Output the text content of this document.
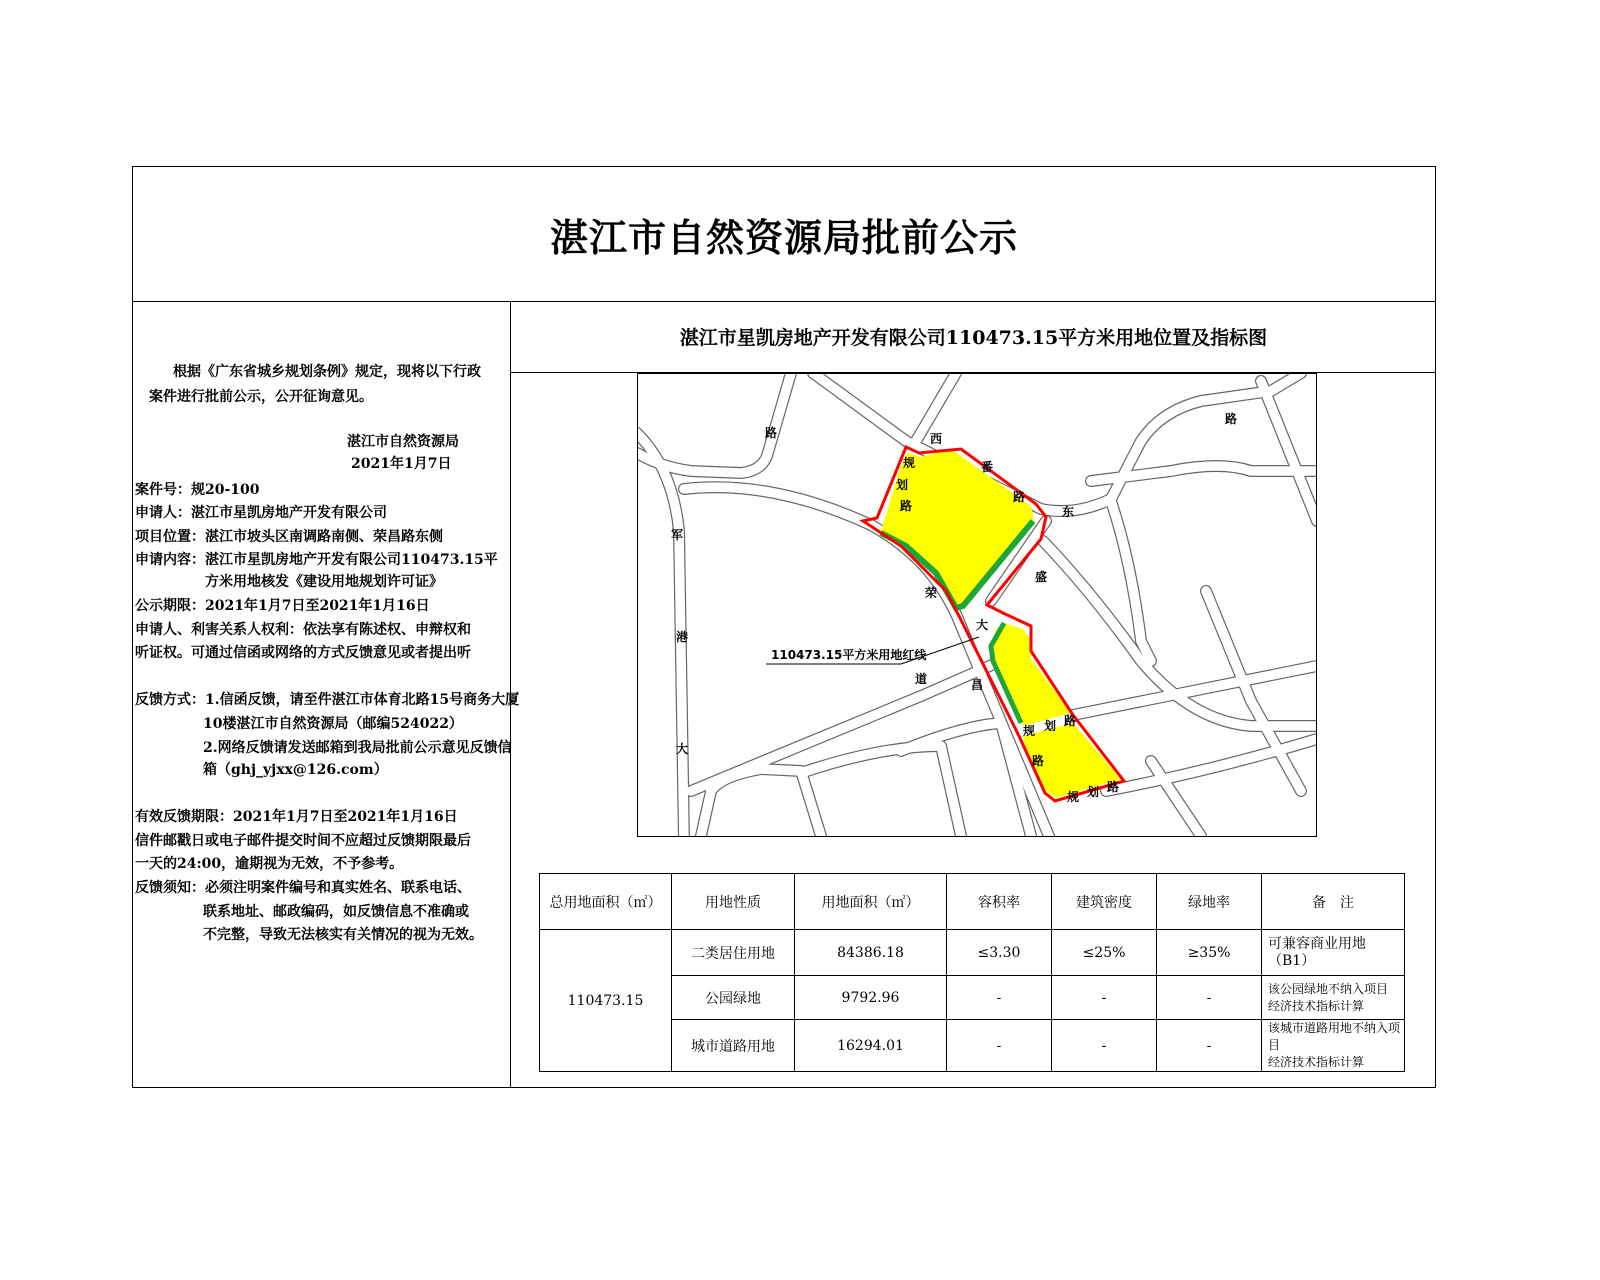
湛江市自然资源局批前公示
根据《广东省城乡规划条例》规定，现将以下行政
案件进行批前公示，公开征询意见。
湛江市自然资源局
2021年1月7日
案件号：规20-100
申请人：湛江市星凯房地产开发有限公司
项目位置：湛江市坡头区南调路南侧、荣昌路东侧
申请内容：湛江市星凯房地产开发有限公司110473.15平
方米用地核发《建设用地规划许可证》
公示期限：2021年1月7日至2021年1月16日
申请人、利害关系人权利：依法享有陈述权、申辩权和
听证权。可通过信函或网络的方式反馈意见或者提出听
反馈方式：1.信函反馈，请至件湛江市体育北路15号商务大厦
10楼湛江市自然资源局（邮编524022）
2.网络反馈请发送邮箱到我局批前公示意见反馈信
箱（ghj_yjxx@126.com）
有效反馈期限：2021年1月7日至2021年1月16日
信件邮戳日或电子邮件提交时间不应超过反馈期限最后
一天的24:00，逾期视为无效，不予参考。
反馈须知：必须注明案件编号和真实姓名、联系电话、
联系地址、邮政编码，如反馈信息不准确或
不完整，导致无法核实有关情况的视为无效。
湛江市星凯房地产开发有限公司110473.15平方米用地位置及指标图
110473.15平方米用地红线
路	西
番
路
东
盛
荣
大
军
港
大
道	昌
路
路
规
划
路
规 划 路
规 划 路
总用地面积（㎡）	用地性质	用地面积（㎡）	容积率	建筑密度	绿地率	备　注
110473.15	二类居住用地	84386.18	≤3.30	≤25%	≥35%	可兼容商业用地（B1）
	公园绿地	9792.96	-	-	-	该公园绿地不纳入项目
经济技术指标计算

	城市道路用地	16294.01	-	-	-	该城市道路用地不纳入项目
经济技术指标计算
